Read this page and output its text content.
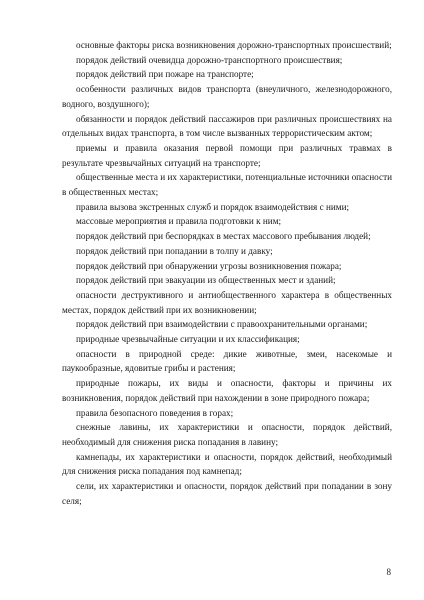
основные факторы риска возникновения дорожно-транспортных происшествий;

порядок действий очевидца дорожно-транспортного происшествия;

порядок действий при пожаре на транспорте;

особенности различных видов транспорта (внеуличного, железнодорожного, водного, воздушного);

обязанности и порядок действий пассажиров при различных происшествиях на отдельных видах транспорта, в том числе вызванных террористическим актом;

приемы и правила оказания первой помощи при различных травмах в результате чрезвычайных ситуаций на транспорте;

общественные места и их характеристики, потенциальные источники опасности в общественных местах;

правила вызова экстренных служб и порядок взаимодействия с ними;

массовые мероприятия и правила подготовки к ним;

порядок действий при беспорядках в местах массового пребывания людей;

порядок действий при попадании в толпу и давку;

порядок действий при обнаружении угрозы возникновения пожара;

порядок действий при эвакуации из общественных мест и зданий;

опасности деструктивного и антиобщественного характера в общественных местах, порядок действий при их возникновении;

порядок действий при взаимодействии с правоохранительными органами;

природные чрезвычайные ситуации и их классификация;

опасности в природной среде: дикие животные, змеи, насекомые и паукообразные, ядовитые грибы и растения;

природные пожары, их виды и опасности, факторы и причины их возникновения, порядок действий при нахождении в зоне природного пожара;

правила безопасного поведения в горах;

снежные лавины, их характеристики и опасности, порядок действий, необходимый для снижения риска попадания в лавину;

камнепады, их характеристики и опасности, порядок действий, необходимый для снижения риска попадания под камнепад;

сели, их характеристики и опасности, порядок действий при попадании в зону селя;

8
